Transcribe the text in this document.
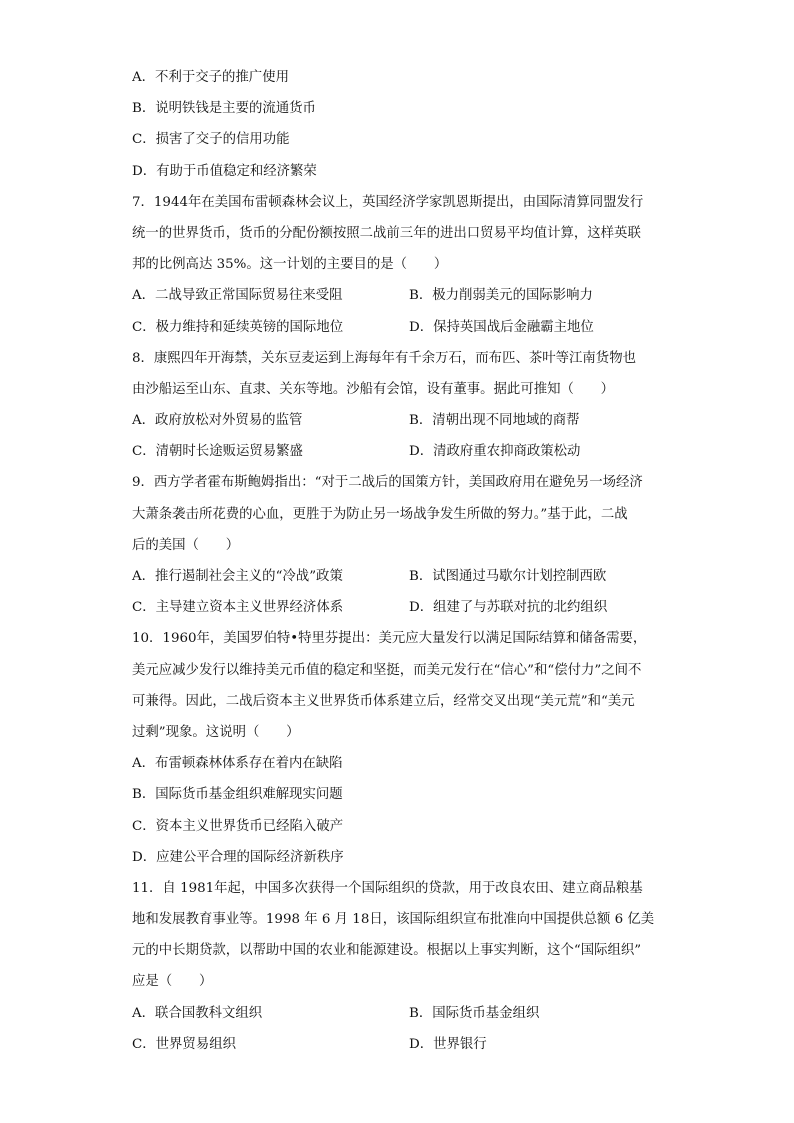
A．不利于交子的推广使用
B．说明铁钱是主要的流通货币
C．损害了交子的信用功能
D．有助于币值稳定和经济繁荣
7．1944年在美国布雷顿森林会议上，英国经济学家凯恩斯提出，由国际清算同盟发行
统一的世界货币，货币的分配份额按照二战前三年的进出口贸易平均值计算，这样英联
邦的比例高达 35%。这一计划的主要目的是（　　）
A．二战导致正常国际贸易往来受阻	B．极力削弱美元的国际影响力
C．极力维持和延续英镑的国际地位	D．保持英国战后金融霸主地位
8．康熙四年开海禁，关东豆麦运到上海每年有千余万石，而布匹、茶叶等江南货物也
由沙船运至山东、直隶、关东等地。沙船有会馆，设有董事。据此可推知（　　）
A．政府放松对外贸易的监管	B．清朝出现不同地域的商帮
C．清朝时长途贩运贸易繁盛	D．清政府重农抑商政策松动
9．西方学者霍布斯鲍姆指出：“对于二战后的国策方针，美国政府用在避免另一场经济
大萧条袭击所花费的心血，更胜于为防止另一场战争发生所做的努力。”基于此，二战
后的美国（　　）
A．推行遏制社会主义的“冷战”政策	B．试图通过马歇尔计划控制西欧
C．主导建立资本主义世界经济体系	D．组建了与苏联对抗的北约组织
10．1960年，美国罗伯特•特里芬提出：美元应大量发行以满足国际结算和储备需要，
美元应减少发行以维持美元币值的稳定和坚挺，而美元发行在“信心”和“偿付力”之间不
可兼得。因此，二战后资本主义世界货币体系建立后，经常交叉出现“美元荒”和“美元
过剩”现象。这说明（　　）
A．布雷顿森林体系存在着内在缺陷
B．国际货币基金组织难解现实问题
C．资本主义世界货币已经陷入破产
D．应建公平合理的国际经济新秩序
11．自 1981年起，中国多次获得一个国际组织的贷款，用于改良农田、建立商品粮基
地和发展教育事业等。1998 年 6 月 18日，该国际组织宣布批准向中国提供总额 6 亿美
元的中长期贷款，以帮助中国的农业和能源建设。根据以上事实判断，这个“国际组织”
应是（　　）
A．联合国教科文组织	B．国际货币基金组织
C．世界贸易组织	D．世界银行
